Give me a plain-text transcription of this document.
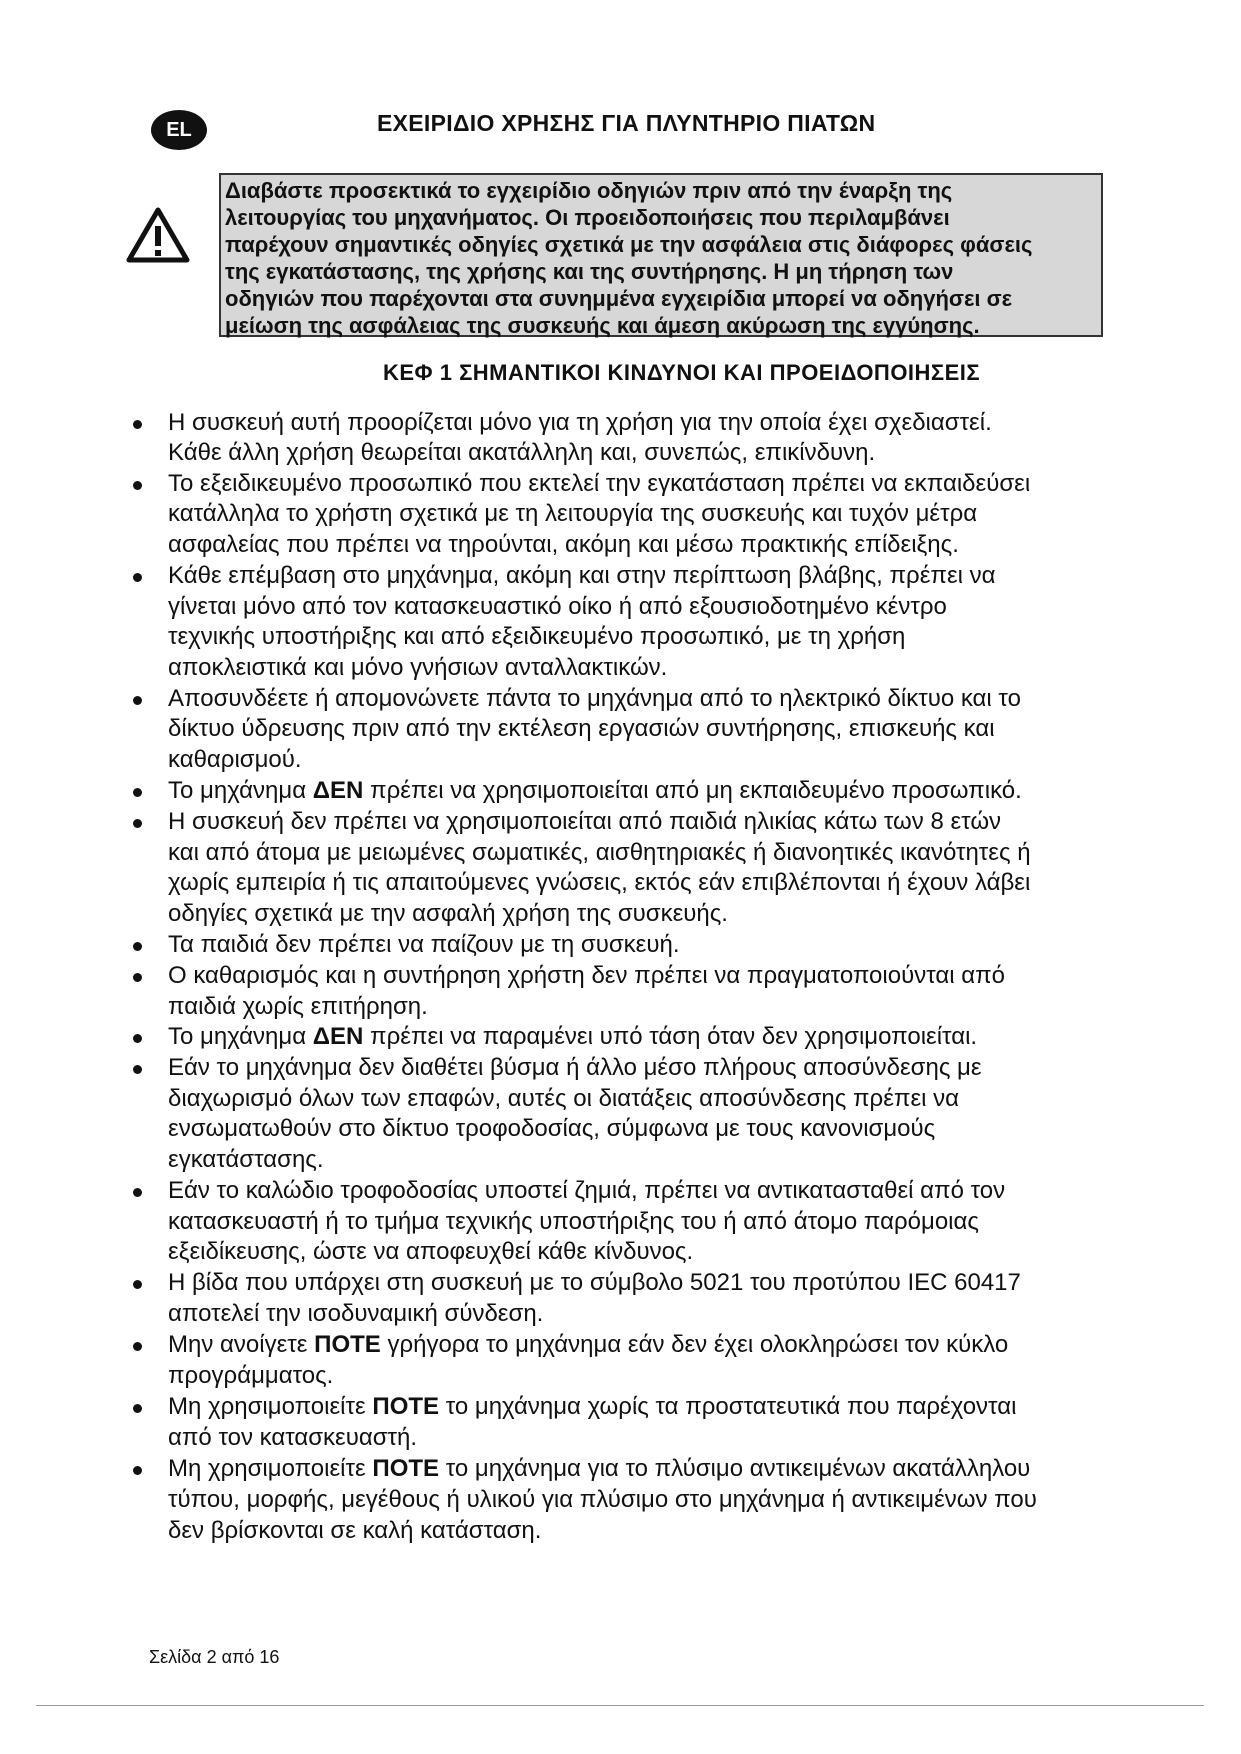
EL	ΕΧΕΙΡΙΔΙΟ ΧΡΗΣΗΣ ΓΙΑ ΠΛΥΝΤΗΡΙΟ ΠΙΑΤΩΝ
Διαβάστε προσεκτικά το εγχειρίδιο οδηγιών πριν από την έναρξη της
λειτουργίας του μηχανήματος. Οι προειδοποιήσεις που περιλαμβάνει
παρέχουν σημαντικές οδηγίες σχετικά με την ασφάλεια στις διάφορες φάσεις
της εγκατάστασης, της χρήσης και της συντήρησης. Η μη τήρηση των
οδηγιών που παρέχονται στα συνημμένα εγχειρίδια μπορεί να οδηγήσει σε
μείωση της ασφάλειας της συσκευής και άμεση ακύρωση της εγγύησης.
ΚΕΦ 1 ΣΗΜΑΝΤΙΚΟΙ ΚΙΝΔΥΝΟΙ ΚΑΙ ΠΡΟΕΙΔΟΠΟΙΗΣΕΙΣ
Η συσκευή αυτή προορίζεται μόνο για τη χρήση για την οποία έχει σχεδιαστεί.
Κάθε άλλη χρήση θεωρείται ακατάλληλη και, συνεπώς, επικίνδυνη.
Το εξειδικευμένο προσωπικό που εκτελεί την εγκατάσταση πρέπει να εκπαιδεύσει
κατάλληλα το χρήστη σχετικά με τη λειτουργία της συσκευής και τυχόν μέτρα
ασφαλείας που πρέπει να τηρούνται, ακόμη και μέσω πρακτικής επίδειξης.
Κάθε επέμβαση στο μηχάνημα, ακόμη και στην περίπτωση βλάβης, πρέπει να
γίνεται μόνο από τον κατασκευαστικό οίκο ή από εξουσιοδοτημένο κέντρο
τεχνικής υποστήριξης και από εξειδικευμένο προσωπικό, με τη χρήση
αποκλειστικά και μόνο γνήσιων ανταλλακτικών.
Αποσυνδέετε ή απομονώνετε πάντα το μηχάνημα από το ηλεκτρικό δίκτυο και το
δίκτυο ύδρευσης πριν από την εκτέλεση εργασιών συντήρησης, επισκευής και
καθαρισμού.
Το μηχάνημα ΔΕΝ πρέπει να χρησιμοποιείται από μη εκπαιδευμένο προσωπικό.
Η συσκευή δεν πρέπει να χρησιμοποιείται από παιδιά ηλικίας κάτω των 8 ετών
και από άτομα με μειωμένες σωματικές, αισθητηριακές ή διανοητικές ικανότητες ή
χωρίς εμπειρία ή τις απαιτούμενες γνώσεις, εκτός εάν επιβλέπονται ή έχουν λάβει
οδηγίες σχετικά με την ασφαλή χρήση της συσκευής.
Τα παιδιά δεν πρέπει να παίζουν με τη συσκευή.
Ο καθαρισμός και η συντήρηση χρήστη δεν πρέπει να πραγματοποιούνται από
παιδιά χωρίς επιτήρηση.
Το μηχάνημα ΔΕΝ πρέπει να παραμένει υπό τάση όταν δεν χρησιμοποιείται.
Εάν το μηχάνημα δεν διαθέτει βύσμα ή άλλο μέσο πλήρους αποσύνδεσης με
διαχωρισμό όλων των επαφών, αυτές οι διατάξεις αποσύνδεσης πρέπει να
ενσωματωθούν στο δίκτυο τροφοδοσίας, σύμφωνα με τους κανονισμούς
εγκατάστασης.
Εάν το καλώδιο τροφοδοσίας υποστεί ζημιά, πρέπει να αντικατασταθεί από τον
κατασκευαστή ή το τμήμα τεχνικής υποστήριξης του ή από άτομο παρόμοιας
εξειδίκευσης, ώστε να αποφευχθεί κάθε κίνδυνος.
Η βίδα που υπάρχει στη συσκευή με το σύμβολο 5021 του προτύπου IEC 60417
αποτελεί την ισοδυναμική σύνδεση.
Μην ανοίγετε ΠΟΤΕ γρήγορα το μηχάνημα εάν δεν έχει ολοκληρώσει τον κύκλο
προγράμματος.
Μη χρησιμοποιείτε ΠΟΤΕ το μηχάνημα χωρίς τα προστατευτικά που παρέχονται
από τον κατασκευαστή.
Μη χρησιμοποιείτε ΠΟΤΕ το μηχάνημα για το πλύσιμο αντικειμένων ακατάλληλου
τύπου, μορφής, μεγέθους ή υλικού για πλύσιμο στο μηχάνημα ή αντικειμένων που
δεν βρίσκονται σε καλή κατάσταση.
Σελίδα 2 από 16
